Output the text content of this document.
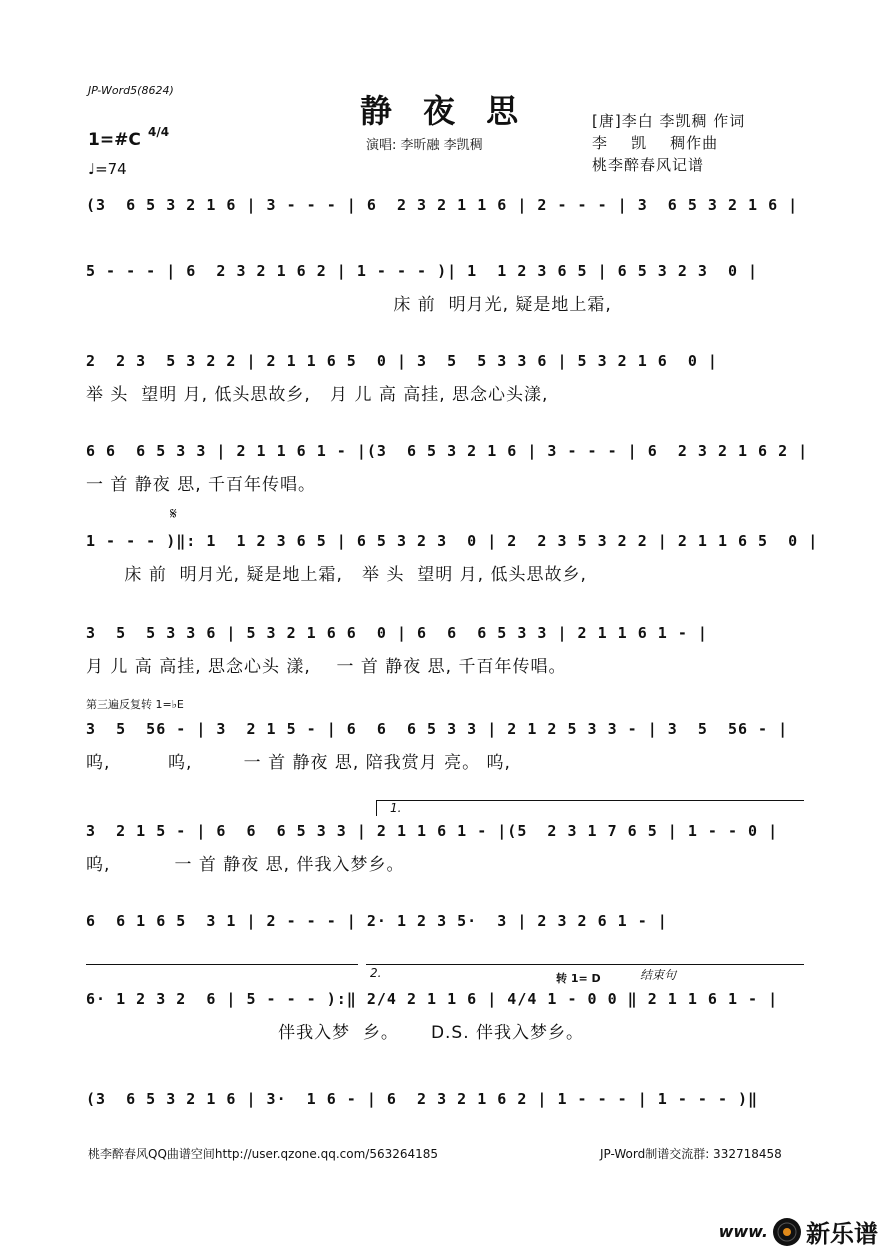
JP-Word5(8624)
静 夜 思
演唱: 李昕融 李凯稠
[唐]李白 李凯稠 作词
李    凯    稠作曲
桃李醉春风记谱
1=#C 4/4
♩=74
(3  6 5 3 2 1 6 | 3 - - - | 6  2 3 2 1 1 6 | 2 - - - | 3  6 5 3 2 1 6 |
5 - - - | 6  2 3 2 1 6 2 | 1 - - - )| 1  1 2 3 6 5 | 6 5 3 2 3  0 |
床 前  明月光, 疑是地上霜,
2  2 3  5 3 2 2 | 2 1 1 6 5  0 | 3  5  5 3 3 6 | 5 3 2 1 6  0 |
举 头  望明 月, 低头思故乡,   月 儿 高 高挂, 思念心头漾,
6 6  6 5 3 3 | 2 1 1 6 1 - |(3  6 5 3 2 1 6 | 3 - - - | 6  2 3 2 1 6 2 |
一 首 静夜 思, 千百年传唱。
𝄋
1 - - - )‖: 1  1 2 3 6 5 | 6 5 3 2 3  0 | 2  2 3 5 3 2 2 | 2 1 1 6 5  0 |
床 前  明月光, 疑是地上霜,   举 头  望明 月, 低头思故乡,
3  5  5 3 3 6 | 5 3 2 1 6 6  0 | 6  6  6 5 3 3 | 2 1 1 6 1 - |
月 儿 高 高挂, 思念心头 漾,    一 首 静夜 思, 千百年传唱。
第三遍反复转 1=♭E
3  5  56 - | 3  2 1 5 - | 6  6  6 5 3 3 | 2 1 2 5 3 3 - | 3  5  56 - |
呜,         呜,        一 首 静夜 思, 陪我赏月 亮。 呜,
1.
3  2 1 5 - | 6  6  6 5 3 3 | 2 1 1 6 1 - |(5  2 3 1 7 6 5 | 1 - - 0 |
呜,          一 首 静夜 思, 伴我入梦乡。
6  6 1 6 5  3 1 | 2 - - - | 2· 1 2 3 5·  3 | 2 3 2 6 1 - |
2.	转 1= D	结束句
6· 1 2 3 2  6 | 5 - - - ):‖ 2/4 2 1 1 6 | 4/4 1 - 0 0 ‖ 2 1 1 6 1 - |
伴我入梦  乡。     D.S. 伴我入梦乡。
(3  6 5 3 2 1 6 | 3·  1 6 - | 6  2 3 2 1 6 2 | 1 - - - | 1 - - - )‖
桃李醉春风QQ曲谱空间http://user.qzone.qq.com/563264185	JP-Word制谱交流群: 332718458
www. 新乐谱
